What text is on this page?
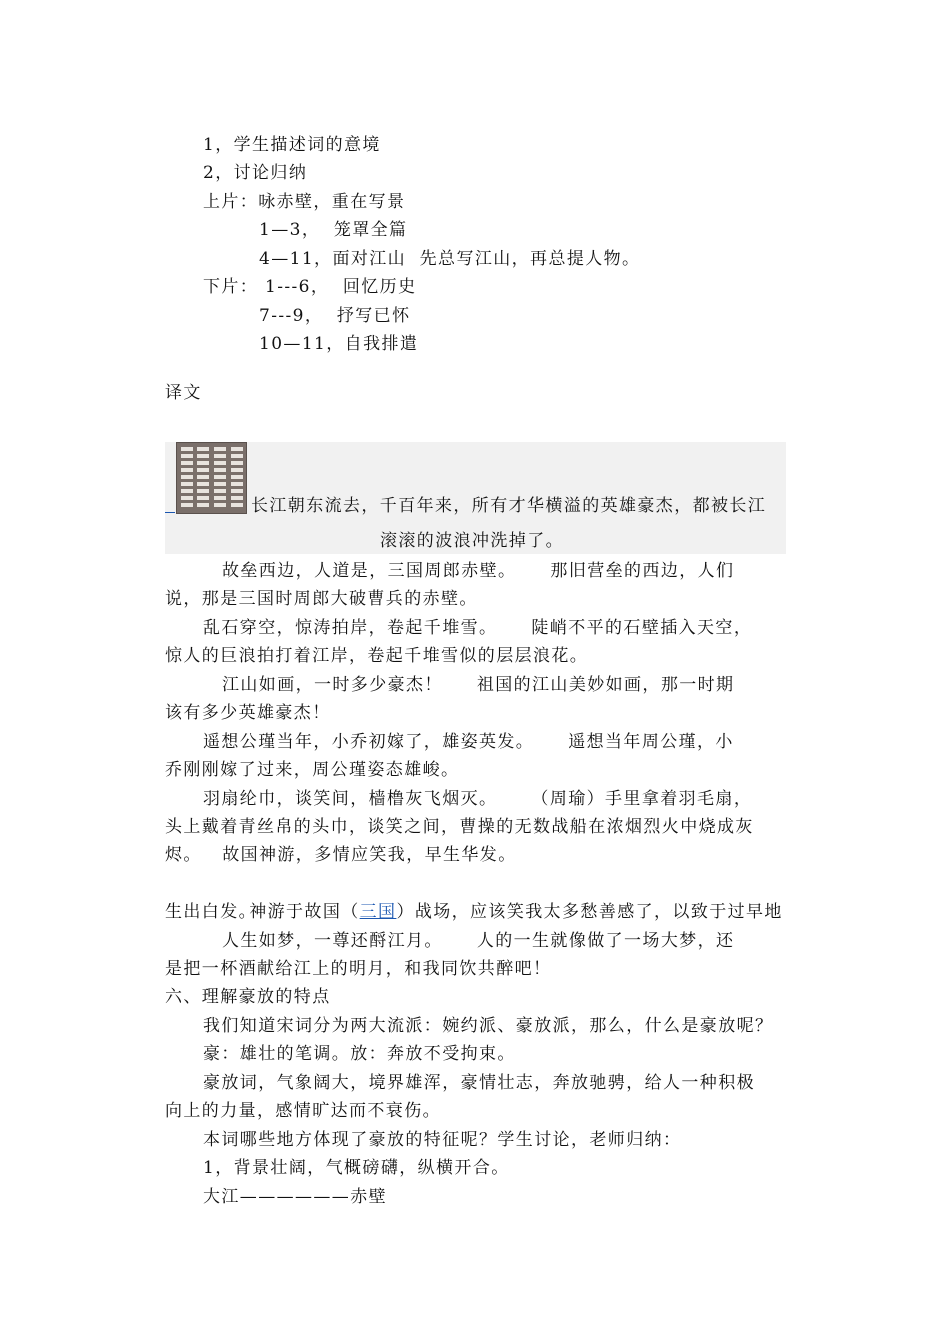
1，学生描述词的意境
2，讨论归纳
上片：咏赤壁，重在写景
1—3，  笼罩全篇
4—11，面对江山  先总写江山，再总提人物。
下片： 1---6，  回忆历史
7---9，  抒写已怀
10—11，自我排遣
译文

长江朝东流去，千百年来，所有才华横溢的英雄豪杰，都被长江
滚滚的波浪冲洗掉了。
故垒西边，人道是，三国周郎赤壁。     那旧营垒的西边，人们
说，那是三国时周郎大破曹兵的赤壁。
乱石穿空，惊涛拍岸，卷起千堆雪。     陡峭不平的石壁插入天空，
惊人的巨浪拍打着江岸，卷起千堆雪似的层层浪花。
江山如画，一时多少豪杰！     祖国的江山美妙如画，那一时期
该有多少英雄豪杰！
遥想公瑾当年，小乔初嫁了，雄姿英发。     遥想当年周公瑾，小
乔刚刚嫁了过来，周公瑾姿态雄峻。
羽扇纶巾，谈笑间，樯橹灰飞烟灭。     （周瑜）手里拿着羽毛扇，
头上戴着青丝帛的头巾，谈笑之间，曹操的无数战船在浓烟烈火中烧成灰
烬。   故国神游，多情应笑我，早生华发。

神游于故国（三国）战场，应该笑我太多愁善感了，以致于过早地

生出白发。
人生如梦，一尊还酹江月。     人的一生就像做了一场大梦，还
是把一杯酒献给江上的明月，和我同饮共醉吧！
六、理解豪放的特点
我们知道宋词分为两大流派：婉约派、豪放派，那么，什么是豪放呢？
豪：雄壮的笔调。放：奔放不受拘束。
豪放词，气象阔大，境界雄浑，豪情壮志，奔放驰骋，给人一种积极
向上的力量，感情旷达而不衰伤。
本词哪些地方体现了豪放的特征呢？学生讨论，老师归纳：
1，背景壮阔，气概磅礴，纵横开合。
大江——————赤壁
